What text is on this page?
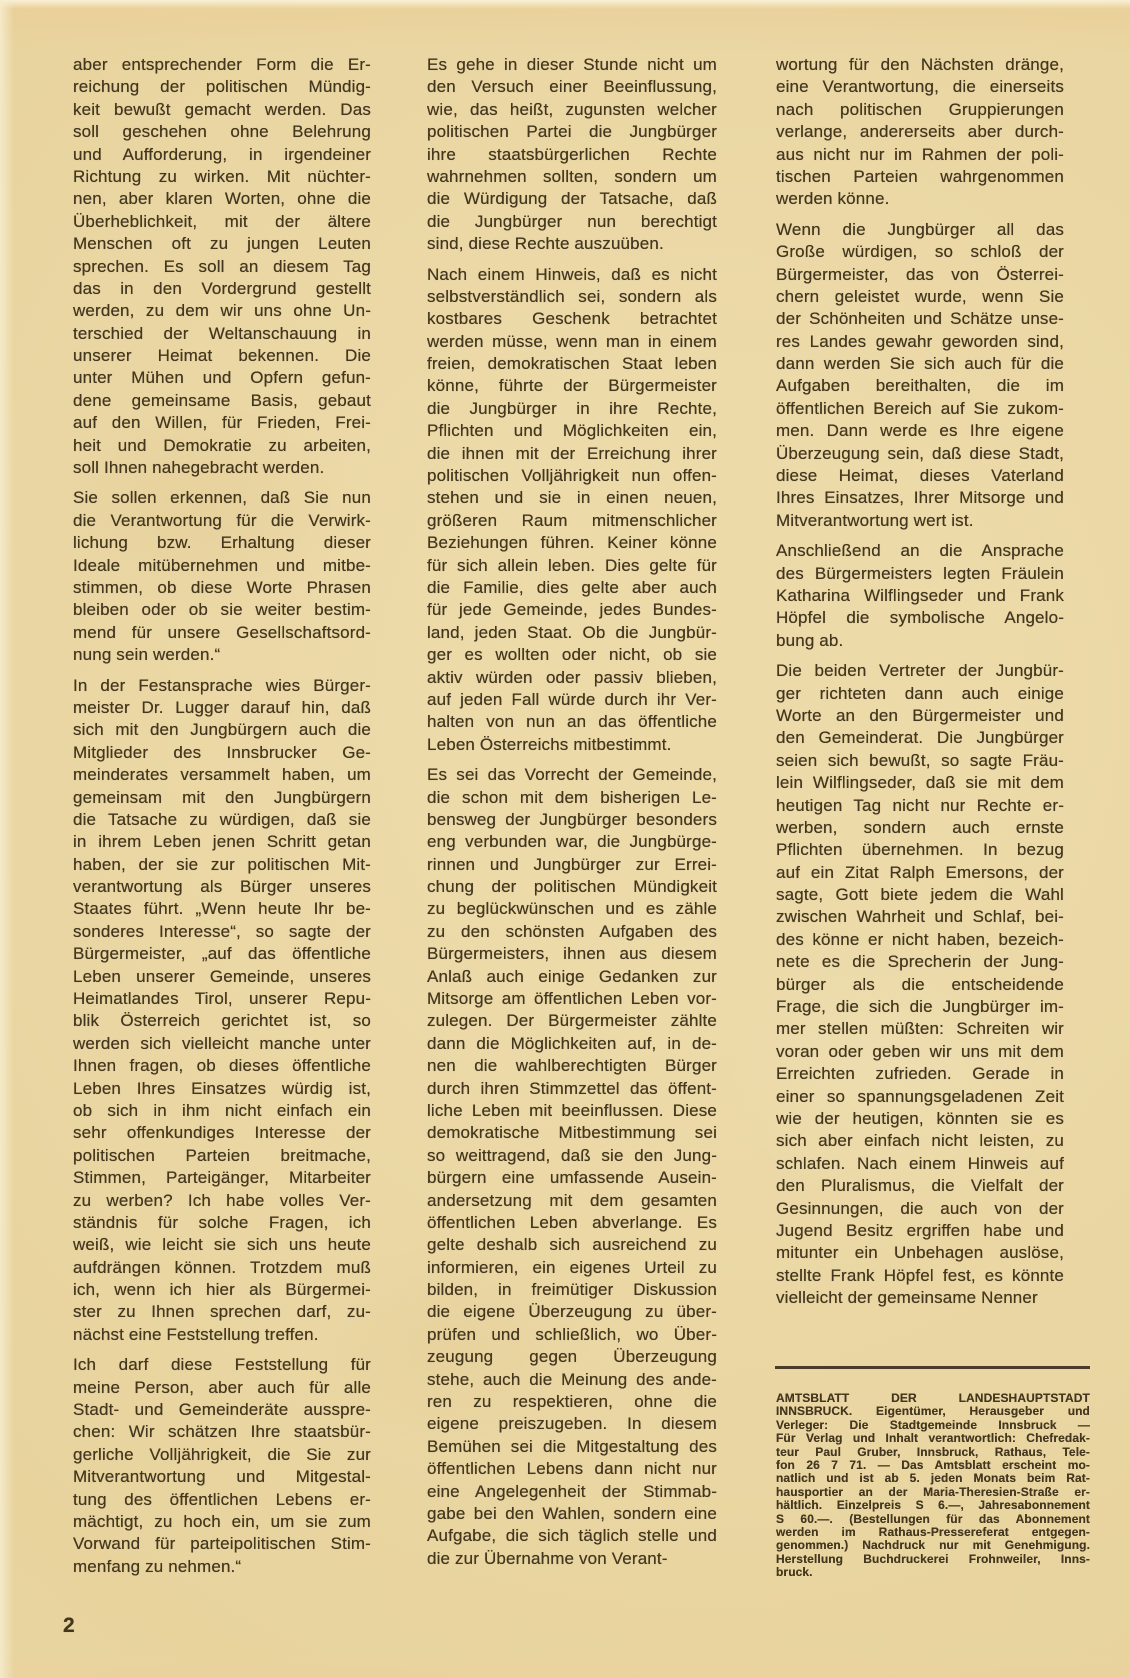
aber entsprechender Form die Er-
reichung der politischen Mündig-
keit bewußt gemacht werden. Das
soll geschehen ohne Belehrung
und Aufforderung, in irgendeiner
Richtung zu wirken. Mit nüchter-
nen, aber klaren Worten, ohne die
Überheblichkeit, mit der ältere
Menschen oft zu jungen Leuten
sprechen. Es soll an diesem Tag
das in den Vordergrund gestellt
werden, zu dem wir uns ohne Un-
terschied der Weltanschauung in
unserer Heimat bekennen. Die
unter Mühen und Opfern gefun-
dene gemeinsame Basis, gebaut
auf den Willen, für Frieden, Frei-
heit und Demokratie zu arbeiten,
soll Ihnen nahegebracht werden.
Sie sollen erkennen, daß Sie nun
die Verantwortung für die Verwirk-
lichung bzw. Erhaltung dieser
Ideale mitübernehmen und mitbe-
stimmen, ob diese Worte Phrasen
bleiben oder ob sie weiter bestim-
mend für unsere Gesellschaftsord-
nung sein werden.“
In der Festansprache wies Bürger-
meister Dr. Lugger darauf hin, daß
sich mit den Jungbürgern auch die
Mitglieder des Innsbrucker Ge-
meinderates versammelt haben, um
gemeinsam mit den Jungbürgern
die Tatsache zu würdigen, daß sie
in ihrem Leben jenen Schritt getan
haben, der sie zur politischen Mit-
verantwortung als Bürger unseres
Staates führt. „Wenn heute Ihr be-
sonderes Interesse“, so sagte der
Bürgermeister, „auf das öffentliche
Leben unserer Gemeinde, unseres
Heimatlandes Tirol, unserer Repu-
blik Österreich gerichtet ist, so
werden sich vielleicht manche unter
Ihnen fragen, ob dieses öffentliche
Leben Ihres Einsatzes würdig ist,
ob sich in ihm nicht einfach ein
sehr offenkundiges Interesse der
politischen Parteien breitmache,
Stimmen, Parteigänger, Mitarbeiter
zu werben? Ich habe volles Ver-
ständnis für solche Fragen, ich
weiß, wie leicht sie sich uns heute
aufdrängen können. Trotzdem muß
ich, wenn ich hier als Bürgermei-
ster zu Ihnen sprechen darf, zu-
nächst eine Feststellung treffen.
Ich darf diese Feststellung für
meine Person, aber auch für alle
Stadt- und Gemeinderäte ausspre-
chen: Wir schätzen Ihre staatsbür-
gerliche Volljährigkeit, die Sie zur
Mitverantwortung und Mitgestal-
tung des öffentlichen Lebens er-
mächtigt, zu hoch ein, um sie zum
Vorwand für parteipolitischen Stim-
menfang zu nehmen.“
Es gehe in dieser Stunde nicht um
den Versuch einer Beeinflussung,
wie, das heißt, zugunsten welcher
politischen Partei die Jungbürger
ihre staatsbürgerlichen Rechte
wahrnehmen sollten, sondern um
die Würdigung der Tatsache, daß
die Jungbürger nun berechtigt
sind, diese Rechte auszuüben.
Nach einem Hinweis, daß es nicht
selbstverständlich sei, sondern als
kostbares Geschenk betrachtet
werden müsse, wenn man in einem
freien, demokratischen Staat leben
könne, führte der Bürgermeister
die Jungbürger in ihre Rechte,
Pflichten und Möglichkeiten ein,
die ihnen mit der Erreichung ihrer
politischen Volljährigkeit nun offen-
stehen und sie in einen neuen,
größeren Raum mitmenschlicher
Beziehungen führen. Keiner könne
für sich allein leben. Dies gelte für
die Familie, dies gelte aber auch
für jede Gemeinde, jedes Bundes-
land, jeden Staat. Ob die Jungbür-
ger es wollten oder nicht, ob sie
aktiv würden oder passiv blieben,
auf jeden Fall würde durch ihr Ver-
halten von nun an das öffentliche
Leben Österreichs mitbestimmt.
Es sei das Vorrecht der Gemeinde,
die schon mit dem bisherigen Le-
bensweg der Jungbürger besonders
eng verbunden war, die Jungbürge-
rinnen und Jungbürger zur Errei-
chung der politischen Mündigkeit
zu beglückwünschen und es zähle
zu den schönsten Aufgaben des
Bürgermeisters, ihnen aus diesem
Anlaß auch einige Gedanken zur
Mitsorge am öffentlichen Leben vor-
zulegen. Der Bürgermeister zählte
dann die Möglichkeiten auf, in de-
nen die wahlberechtigten Bürger
durch ihren Stimmzettel das öffent-
liche Leben mit beeinflussen. Diese
demokratische Mitbestimmung sei
so weittragend, daß sie den Jung-
bürgern eine umfassende Ausein-
andersetzung mit dem gesamten
öffentlichen Leben abverlange. Es
gelte deshalb sich ausreichend zu
informieren, ein eigenes Urteil zu
bilden, in freimütiger Diskussion
die eigene Überzeugung zu über-
prüfen und schließlich, wo Über-
zeugung gegen Überzeugung
stehe, auch die Meinung des ande-
ren zu respektieren, ohne die
eigene preiszugeben. In diesem
Bemühen sei die Mitgestaltung des
öffentlichen Lebens dann nicht nur
eine Angelegenheit der Stimmab-
gabe bei den Wahlen, sondern eine
Aufgabe, die sich täglich stelle und
die zur Übernahme von Verant-
wortung für den Nächsten dränge,
eine Verantwortung, die einerseits
nach politischen Gruppierungen
verlange, andererseits aber durch-
aus nicht nur im Rahmen der poli-
tischen Parteien wahrgenommen
werden könne.
Wenn die Jungbürger all das
Große würdigen, so schloß der
Bürgermeister, das von Österrei-
chern geleistet wurde, wenn Sie
der Schönheiten und Schätze unse-
res Landes gewahr geworden sind,
dann werden Sie sich auch für die
Aufgaben bereithalten, die im
öffentlichen Bereich auf Sie zukom-
men. Dann werde es Ihre eigene
Überzeugung sein, daß diese Stadt,
diese Heimat, dieses Vaterland
Ihres Einsatzes, Ihrer Mitsorge und
Mitverantwortung wert ist.
Anschließend an die Ansprache
des Bürgermeisters legten Fräulein
Katharina Wilflingseder und Frank
Höpfel die symbolische Angelo-
bung ab.
Die beiden Vertreter der Jungbür-
ger richteten dann auch einige
Worte an den Bürgermeister und
den Gemeinderat. Die Jungbürger
seien sich bewußt, so sagte Fräu-
lein Wilflingseder, daß sie mit dem
heutigen Tag nicht nur Rechte er-
werben, sondern auch ernste
Pflichten übernehmen. In bezug
auf ein Zitat Ralph Emersons, der
sagte, Gott biete jedem die Wahl
zwischen Wahrheit und Schlaf, bei-
des könne er nicht haben, bezeich-
nete es die Sprecherin der Jung-
bürger als die entscheidende
Frage, die sich die Jungbürger im-
mer stellen müßten: Schreiten wir
voran oder geben wir uns mit dem
Erreichten zufrieden. Gerade in
einer so spannungsgeladenen Zeit
wie der heutigen, könnten sie es
sich aber einfach nicht leisten, zu
schlafen. Nach einem Hinweis auf
den Pluralismus, die Vielfalt der
Gesinnungen, die auch von der
Jugend Besitz ergriffen habe und
mitunter ein Unbehagen auslöse,
stellte Frank Höpfel fest, es könnte
vielleicht der gemeinsame Nenner
AMTSBLATT DER LANDESHAUPTSTADT
INNSBRUCK. Eigentümer, Herausgeber und
Verleger: Die Stadtgemeinde Innsbruck —
Für Verlag und Inhalt verantwortlich: Chefredak-
teur Paul Gruber, Innsbruck, Rathaus, Tele-
fon 26 7 71. — Das Amtsblatt erscheint mo-
natlich und ist ab 5. jeden Monats beim Rat-
hausportier an der Maria-Theresien-Straße er-
hältlich. Einzelpreis S 6.—, Jahresabonnement
S 60.—. (Bestellungen für das Abonnement
werden im Rathaus-Pressereferat entgegen-
genommen.) Nachdruck nur mit Genehmigung.
Herstellung Buchdruckerei Frohnweiler, Inns-
bruck.
2
